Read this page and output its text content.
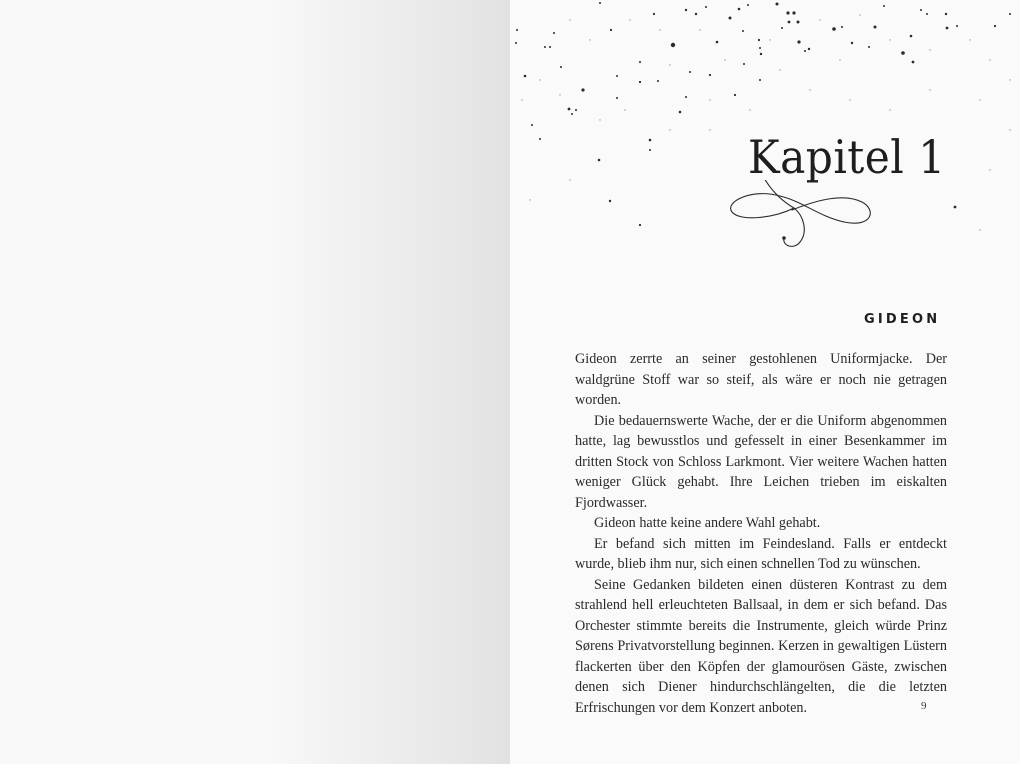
Kapitel 1
GIDEON

Gideon zerrte an seiner gestohlenen Uniformjacke. Der waldgrüne Stoff war so steif, als wäre er noch nie getragen worden.

Die bedauernswerte Wache, der er die Uniform abgenommen hatte, lag bewusstlos und gefesselt in einer Besenkammer im dritten Stock von Schloss Larkmont. Vier weitere Wachen hatten weniger Glück gehabt. Ihre Leichen trieben im eiskalten Fjordwasser.

Gideon hatte keine andere Wahl gehabt.

Er befand sich mitten im Feindesland. Falls er entdeckt wurde, blieb ihm nur, sich einen schnellen Tod zu wünschen.

Seine Gedanken bildeten einen düsteren Kontrast zu dem strahlend hell erleuchteten Ballsaal, in dem er sich befand. Das Orchester stimmte bereits die Instrumente, gleich würde Prinz Sørens Privatvorstellung beginnen. Kerzen in gewaltigen Lüstern flackerten über den Köpfen der glamourösen Gäste, zwischen denen sich Diener hindurchschlängelten, die die letzten Erfrischungen vor dem Konzert anboten.	9
